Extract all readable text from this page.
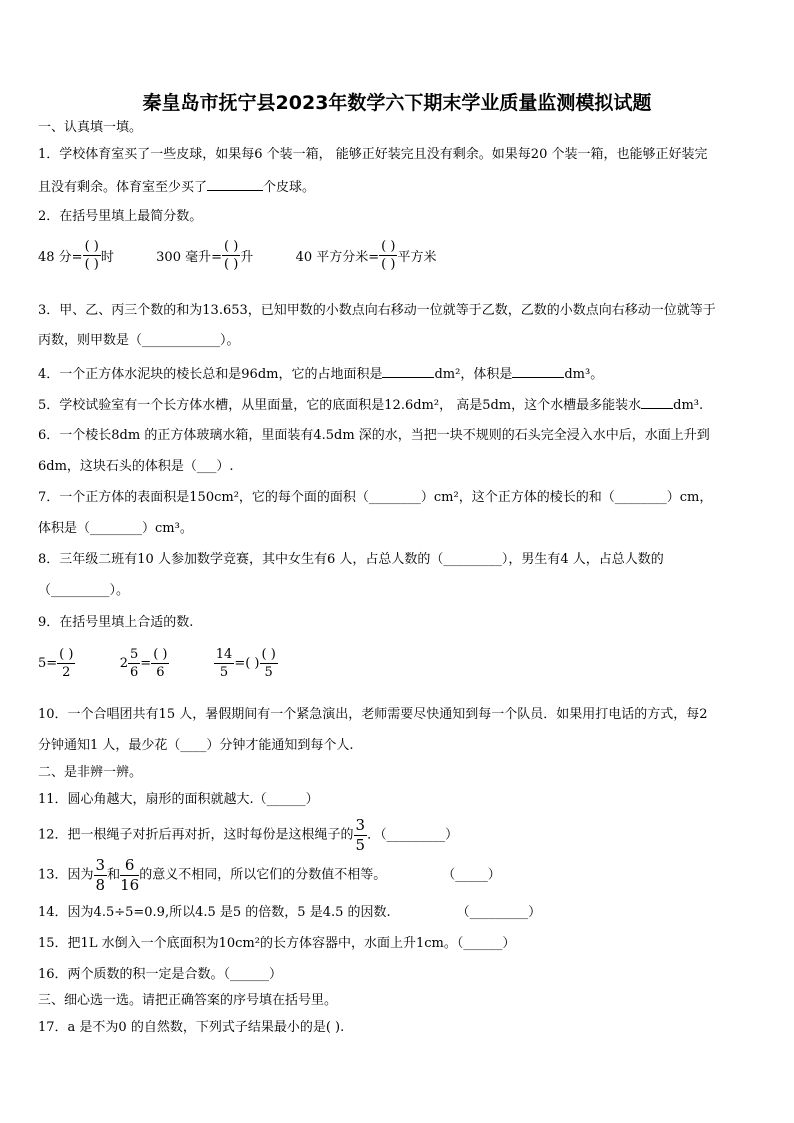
秦皇岛市抚宁县2023年数学六下期末学业质量监测模拟试题
一、认真填一填。
1．学校体育室买了一些皮球，如果每6 个装一箱， 能够正好装完且没有剩余。如果每20 个装一箱，也能够正好装完
且没有剩余。体育室至少买了	个皮球。
2．在括号里填上最简分数。
48 分= $\frac{( )}{( )}$ 时	300 毫升= $\frac{( )}{( )}$ 升	40 平方分米= $\frac{( )}{( )}$ 平方米
3．甲、乙、丙三个数的和为13.653，已知甲数的小数点向右移动一位就等于乙数，乙数的小数点向右移动一位就等于
丙数，则甲数是（____________）。
4．一个正方体水泥块的棱长总和是96dm，它的占地面积是	dm²，体积是	dm³。
5．学校试验室有一个长方体水槽，从里面量，它的底面积是12.6dm²， 高是5dm，这个水槽最多能装水 dm³.
6．一个棱长8dm 的正方体玻璃水箱，里面装有4.5dm 深的水，当把一块不规则的石头完全浸入水中后，水面上升到
6dm，这块石头的体积是（___）.
7．一个正方体的表面积是150cm²，它的每个面的面积（________）cm²，这个正方体的棱长的和（________）cm，
体积是（________）cm³。
8．三年级二班有10 人参加数学竞赛，其中女生有6 人，占总人数的（_________），男生有4 人，占总人数的
（_________）。
9．在括号里填上合适的数.
$5= \frac{( )}{2}$	$2 \frac{5}{6} = \frac{( )}{6}$
	$\frac{14}{5}$ =( ) $\frac{( )}{5}$
10．一个合唱团共有15 人，暑假期间有一个紧急演出，老师需要尽快通知到每一个队员．如果用打电话的方式，每2
分钟通知1 人，最少花（____）分钟才能通知到每个人.
二、是非辨一辨。
11．圆心角越大，扇形的面积就越大.（______）
12．把一根绳子对折后再对折，这时每份是这根绳子的 $\frac{3}{5}$ ．（_________）
13．因为 $\frac{3}{8}$ 和 $\frac{6}{16}$ 的意义不相同，所以它们的分数值不相等。	（_____）
14．因为4.5÷5=0.9,所以4.5 是5 的倍数，5 是4.5 的因数.	（_________）
15．把1L 水倒入一个底面积为10cm²的长方体容器中，水面上升1cm。（______）
16．两个质数的积一定是合数。（______）
三、细心选一选。请把正确答案的序号填在括号里。
17．a 是不为0 的自然数，下列式子结果最小的是( ).
